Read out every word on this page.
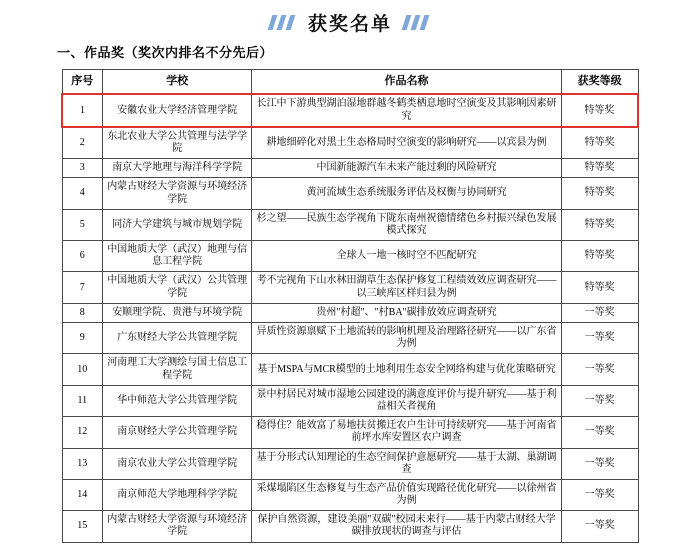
获奖名单
一、作品奖（奖次内排名不分先后）
序号	学校	作品名称	获奖等级
1	安徽农业大学经济管理学院	长江中下游典型湖泊湿地群越冬鹤类栖息地时空演变及其影响因素研究	特等奖
2	东北农业大学公共管理与法学学院	耕地细碎化对黑土生态格局时空演变的影响研究——以宾县为例	特等奖
3	南京大学地理与海洋科学学院	中国新能源汽车未来产能过剩的风险研究	特等奖
4	内蒙古财经大学资源与环境经济学院	黄河流域生态系统服务评估及权衡与协同研究	特等奖
5	同济大学建筑与城市规划学院	杉之望——民族生态学视角下陇东南州祝德情绪色乡村振兴绿色发展模式探究	特等奖
6	中国地质大学（武汉）地理与信息工程学院	全球人一地一核时空不匹配研究	特等奖
7	中国地质大学（武汉）公共管理学院	考不完视角下山水林田湖草生态保护修复工程绩效效应调查研究——以三峡库区样归县为例	特等奖
8	安顺理学院、贵港与环境学院	贵州"村超"、"村BA"碳排放效应调查研究	一等奖
9	广东财经大学公共管理学院	异质性资源禀赋下土地流转的影响机理及治理路径研究——以广东省为例	一等奖
10	河南理工大学测绘与国土信息工程学院	基于MSPA与MCR模型的土地利用生态安全网络构建与优化策略研究	一等奖
11	华中师范大学公共管理学院	景中村居民对城市湿地公园建设的满意度评价与提升研究——基于利益相关者视角	一等奖
12	南京财经大学公共管理学院	稳得住？能效富了易地扶贫搬迁农户生计可持续研究——基于河南省前坪水库安置区农户调查	一等奖
13	南京农业大学公共管理学院	基于分形式认知理论的生态空间保护意愿研究——基于太湖、巢湖调查	一等奖
14	南京师范大学地理科学学院	采煤塌陷区生态修复与生态产品价值实现路径优化研究——以徐州省为例	一等奖
15	内蒙古财经大学资源与环境经济学院	保护自然资源，建设美丽"双碳"校园未来行——基于内蒙古财经大学碳排放现状的调查与评估	一等奖
